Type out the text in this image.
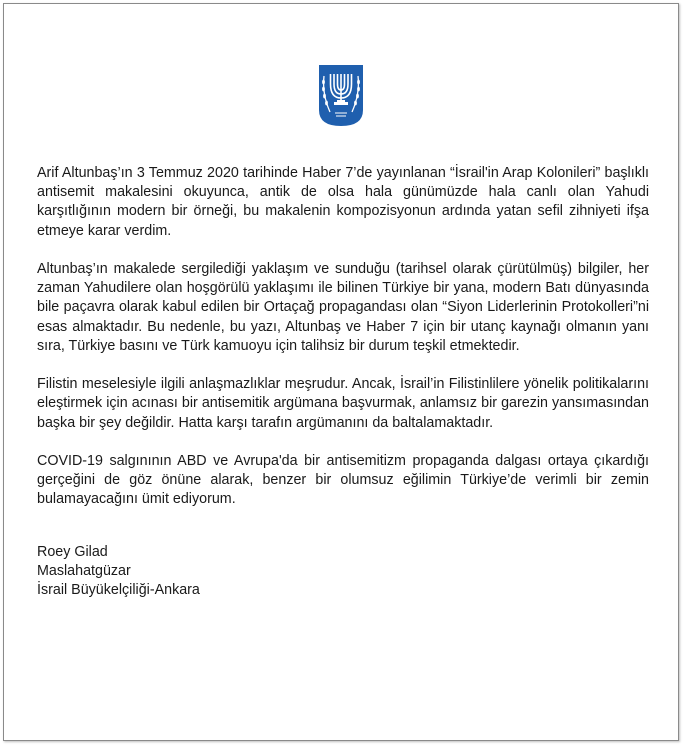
Arif Altunbaş’ın 3 Temmuz 2020 tarihinde Haber 7’de yayınlanan “İsrail'in Arap Kolonileri” başlıklı antisemit makalesini okuyunca, antik de olsa hala günümüzde hala canlı olan Yahudi karşıtlığının modern bir örneği, bu makalenin kompozisyonun ardında yatan sefil zihniyeti ifşa etmeye karar verdim.

Altunbaş’ın makalede sergilediği yaklaşım ve sunduğu (tarihsel olarak çürütülmüş) bilgiler, her zaman Yahudilere olan hoşgörülü yaklaşımı ile bilinen Türkiye bir yana, modern Batı dünyasında bile paçavra olarak kabul edilen bir Ortaçağ propagandası olan “Siyon Liderlerinin Protokolleri”ni esas almaktadır. Bu nedenle, bu yazı, Altunbaş ve Haber 7 için bir utanç kaynağı olmanın yanı sıra, Türkiye basını ve Türk kamuoyu için talihsiz bir durum teşkil etmektedir.

Filistin meselesiyle ilgili anlaşmazlıklar meşrudur. Ancak, İsrail’in Filistinlilere yönelik politikalarını eleştirmek için acınası bir antisemitik argümana başvurmak, anlamsız bir garezin yansımasından başka bir şey değildir. Hatta karşı tarafın argümanını da baltalamaktadır.

COVID-19 salgınının ABD ve Avrupa'da bir antisemitizm propaganda dalgası ortaya çıkardığı gerçeğini de göz önüne alarak, benzer bir olumsuz eğilimin Türkiye’de verimli bir zemin bulamayacağını ümit ediyorum.

Roey Gilad
Maslahatgüzar
İsrail Büyükelçiliği-Ankara
